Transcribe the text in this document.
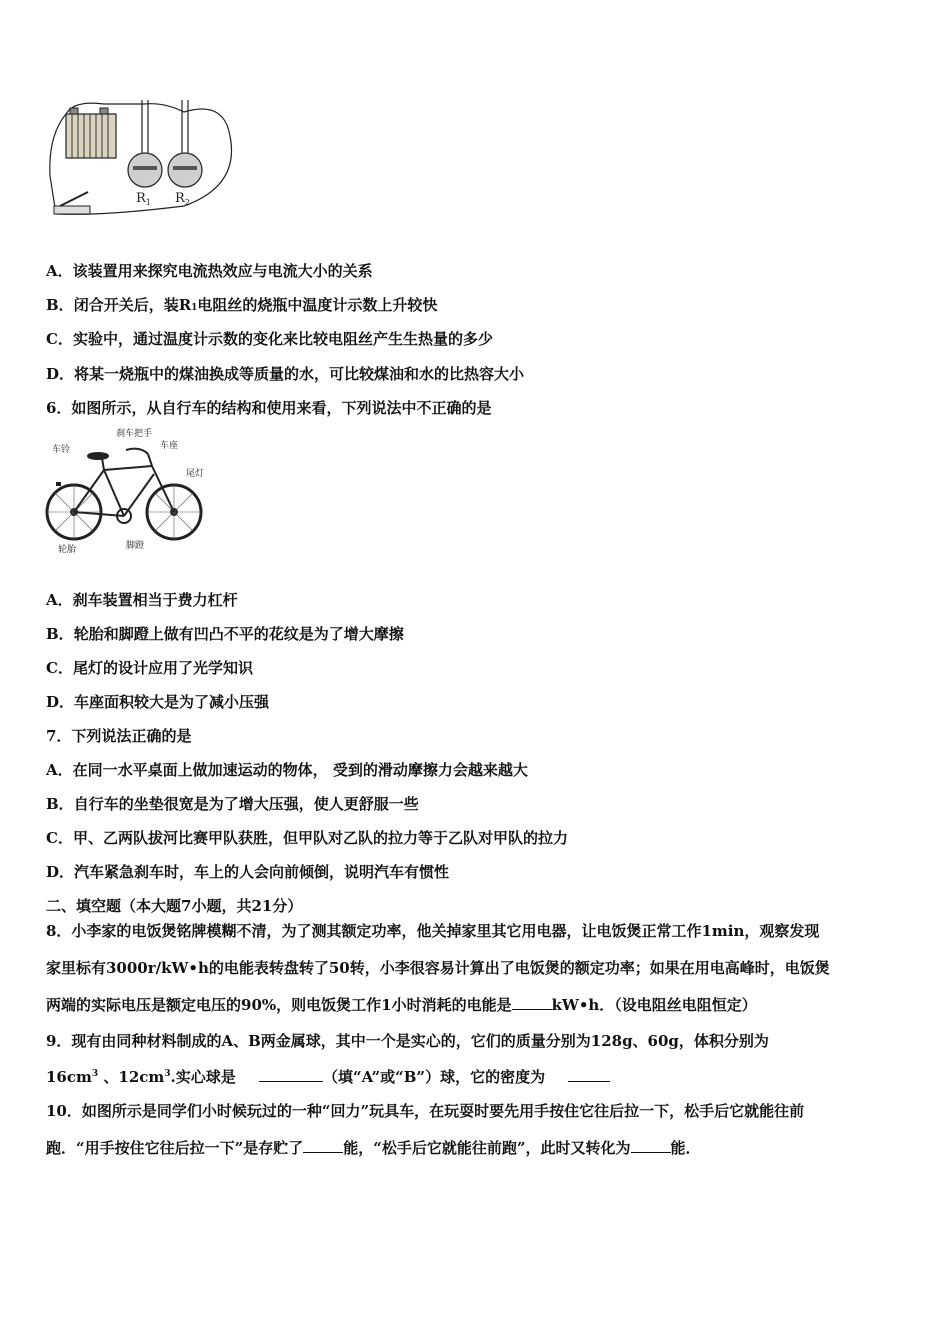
$R_1$ $R_2$
A．该装置用来探究电流热效应与电流大小的关系
B．闭合开关后，装R1电阻丝的烧瓶中温度计示数上升较快
C．实验中，通过温度计示数的变化来比较电阻丝产生生热量的多少
D．将某一烧瓶中的煤油换成等质量的水，可比较煤油和水的比热容大小
6．如图所示，从自行车的结构和使用来看，下列说法中不正确的是
刹车把手
车铃	车座
尾灯
轮胎	脚蹬
A．刹车装置相当于费力杠杆
B．轮胎和脚蹬上做有凹凸不平的花纹是为了增大摩擦
C．尾灯的设计应用了光学知识
D．车座面积较大是为了减小压强
7．下列说法正确的是
A．在同一水平桌面上做加速运动的物体， 受到的滑动摩擦力会越来越大
B．自行车的坐垫很宽是为了增大压强，使人更舒服一些
C．甲、乙两队拔河比赛甲队获胜，但甲队对乙队的拉力等于乙队对甲队的拉力
D．汽车紧急刹车时，车上的人会向前倾倒，说明汽车有惯性
二、填空题（本大题7小题，共21分）
8．小李家的电饭煲铭牌模糊不清，为了测其额定功率，他关掉家里其它用电器，让电饭煲正常工作1min，观察发现
家里标有3000r/kW•h的电能表转盘转了50转，小李很容易计算出了电饭煲的额定功率；如果在用电高峰时，电饭煲
两端的实际电压是额定电压的90%，则电饭煲工作1小时消耗的电能是	kW•h．（设电阻丝电阻恒定）
9．现有由同种材料制成的A、B两金属球，其中一个是实心的，它们的质量分别为128g、60g，体积分别为
$16cm^3$ 、$12cm^3$.实心球是	（填“A”或“B”）球，它的密度为
10．如图所示是同学们小时候玩过的一种“回力”玩具车，在玩耍时要先用手按住它往后拉一下，松手后它就能往前
跑．“用手按住它往后拉一下”是存贮了	能，“松手后它就能往前跑”，此时又转化为	能．
